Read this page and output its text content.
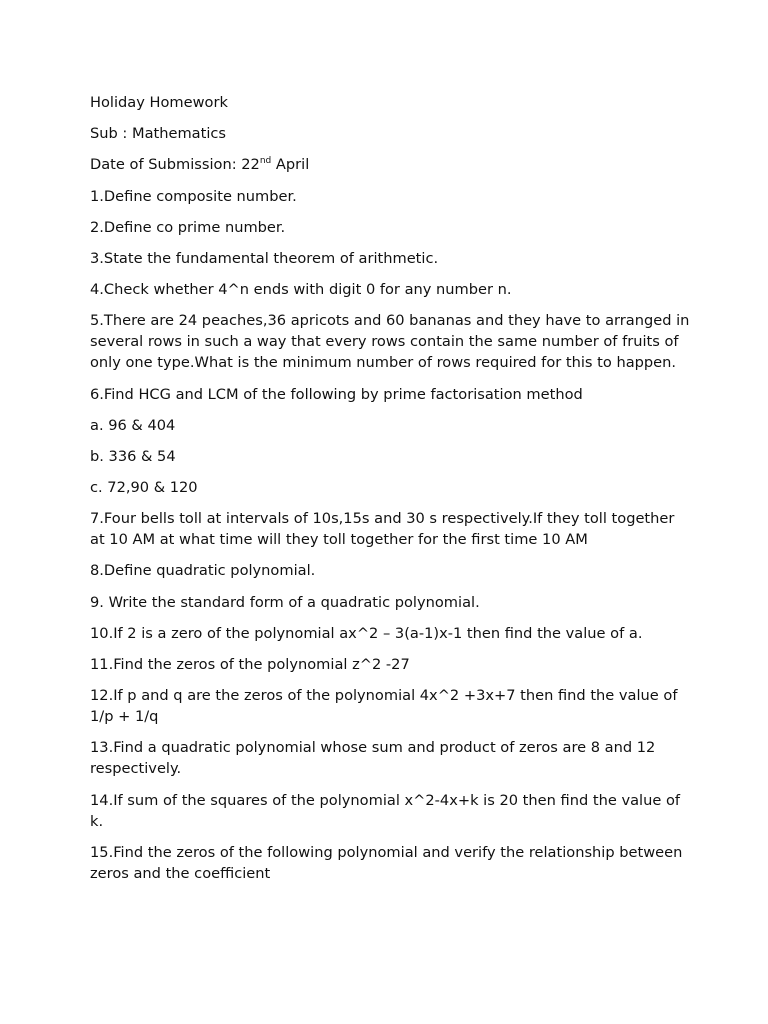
Holiday Homework

Sub : Mathematics

Date of Submission: 22nd April

1.Define composite number.

2.Define co prime number.

3.State the fundamental theorem of arithmetic.

4.Check whether 4^n ends with digit 0 for any number n.

5.There are 24 peaches,36 apricots and 60 bananas and they have to arranged in several rows in such a way that every rows contain the same number of fruits of only one type.What is the minimum number of rows required for this to happen.

6.Find HCG and LCM of the following by prime factorisation method

a. 96 & 404

b. 336 & 54

c. 72,90 & 120

7.Four bells toll at intervals of 10s,15s and 30 s respectively.If they toll together at 10 AM at what time will they toll together for the first time 10 AM

8.Define quadratic polynomial.

9. Write the standard form of a quadratic polynomial.

10.If 2 is a zero of the polynomial ax^2 – 3(a-1)x-1 then find the value of a.

11.Find the zeros of the polynomial z^2 -27

12.If p and q are the zeros of the polynomial 4x^2 +3x+7 then find the value of 1/p + 1/q

13.Find a quadratic polynomial whose sum and product of zeros are 8 and 12 respectively.

14.If sum of the squares of the polynomial x^2-4x+k is 20 then find the value of k.

15.Find the zeros of the following polynomial and verify the relationship between zeros and the coefficient
